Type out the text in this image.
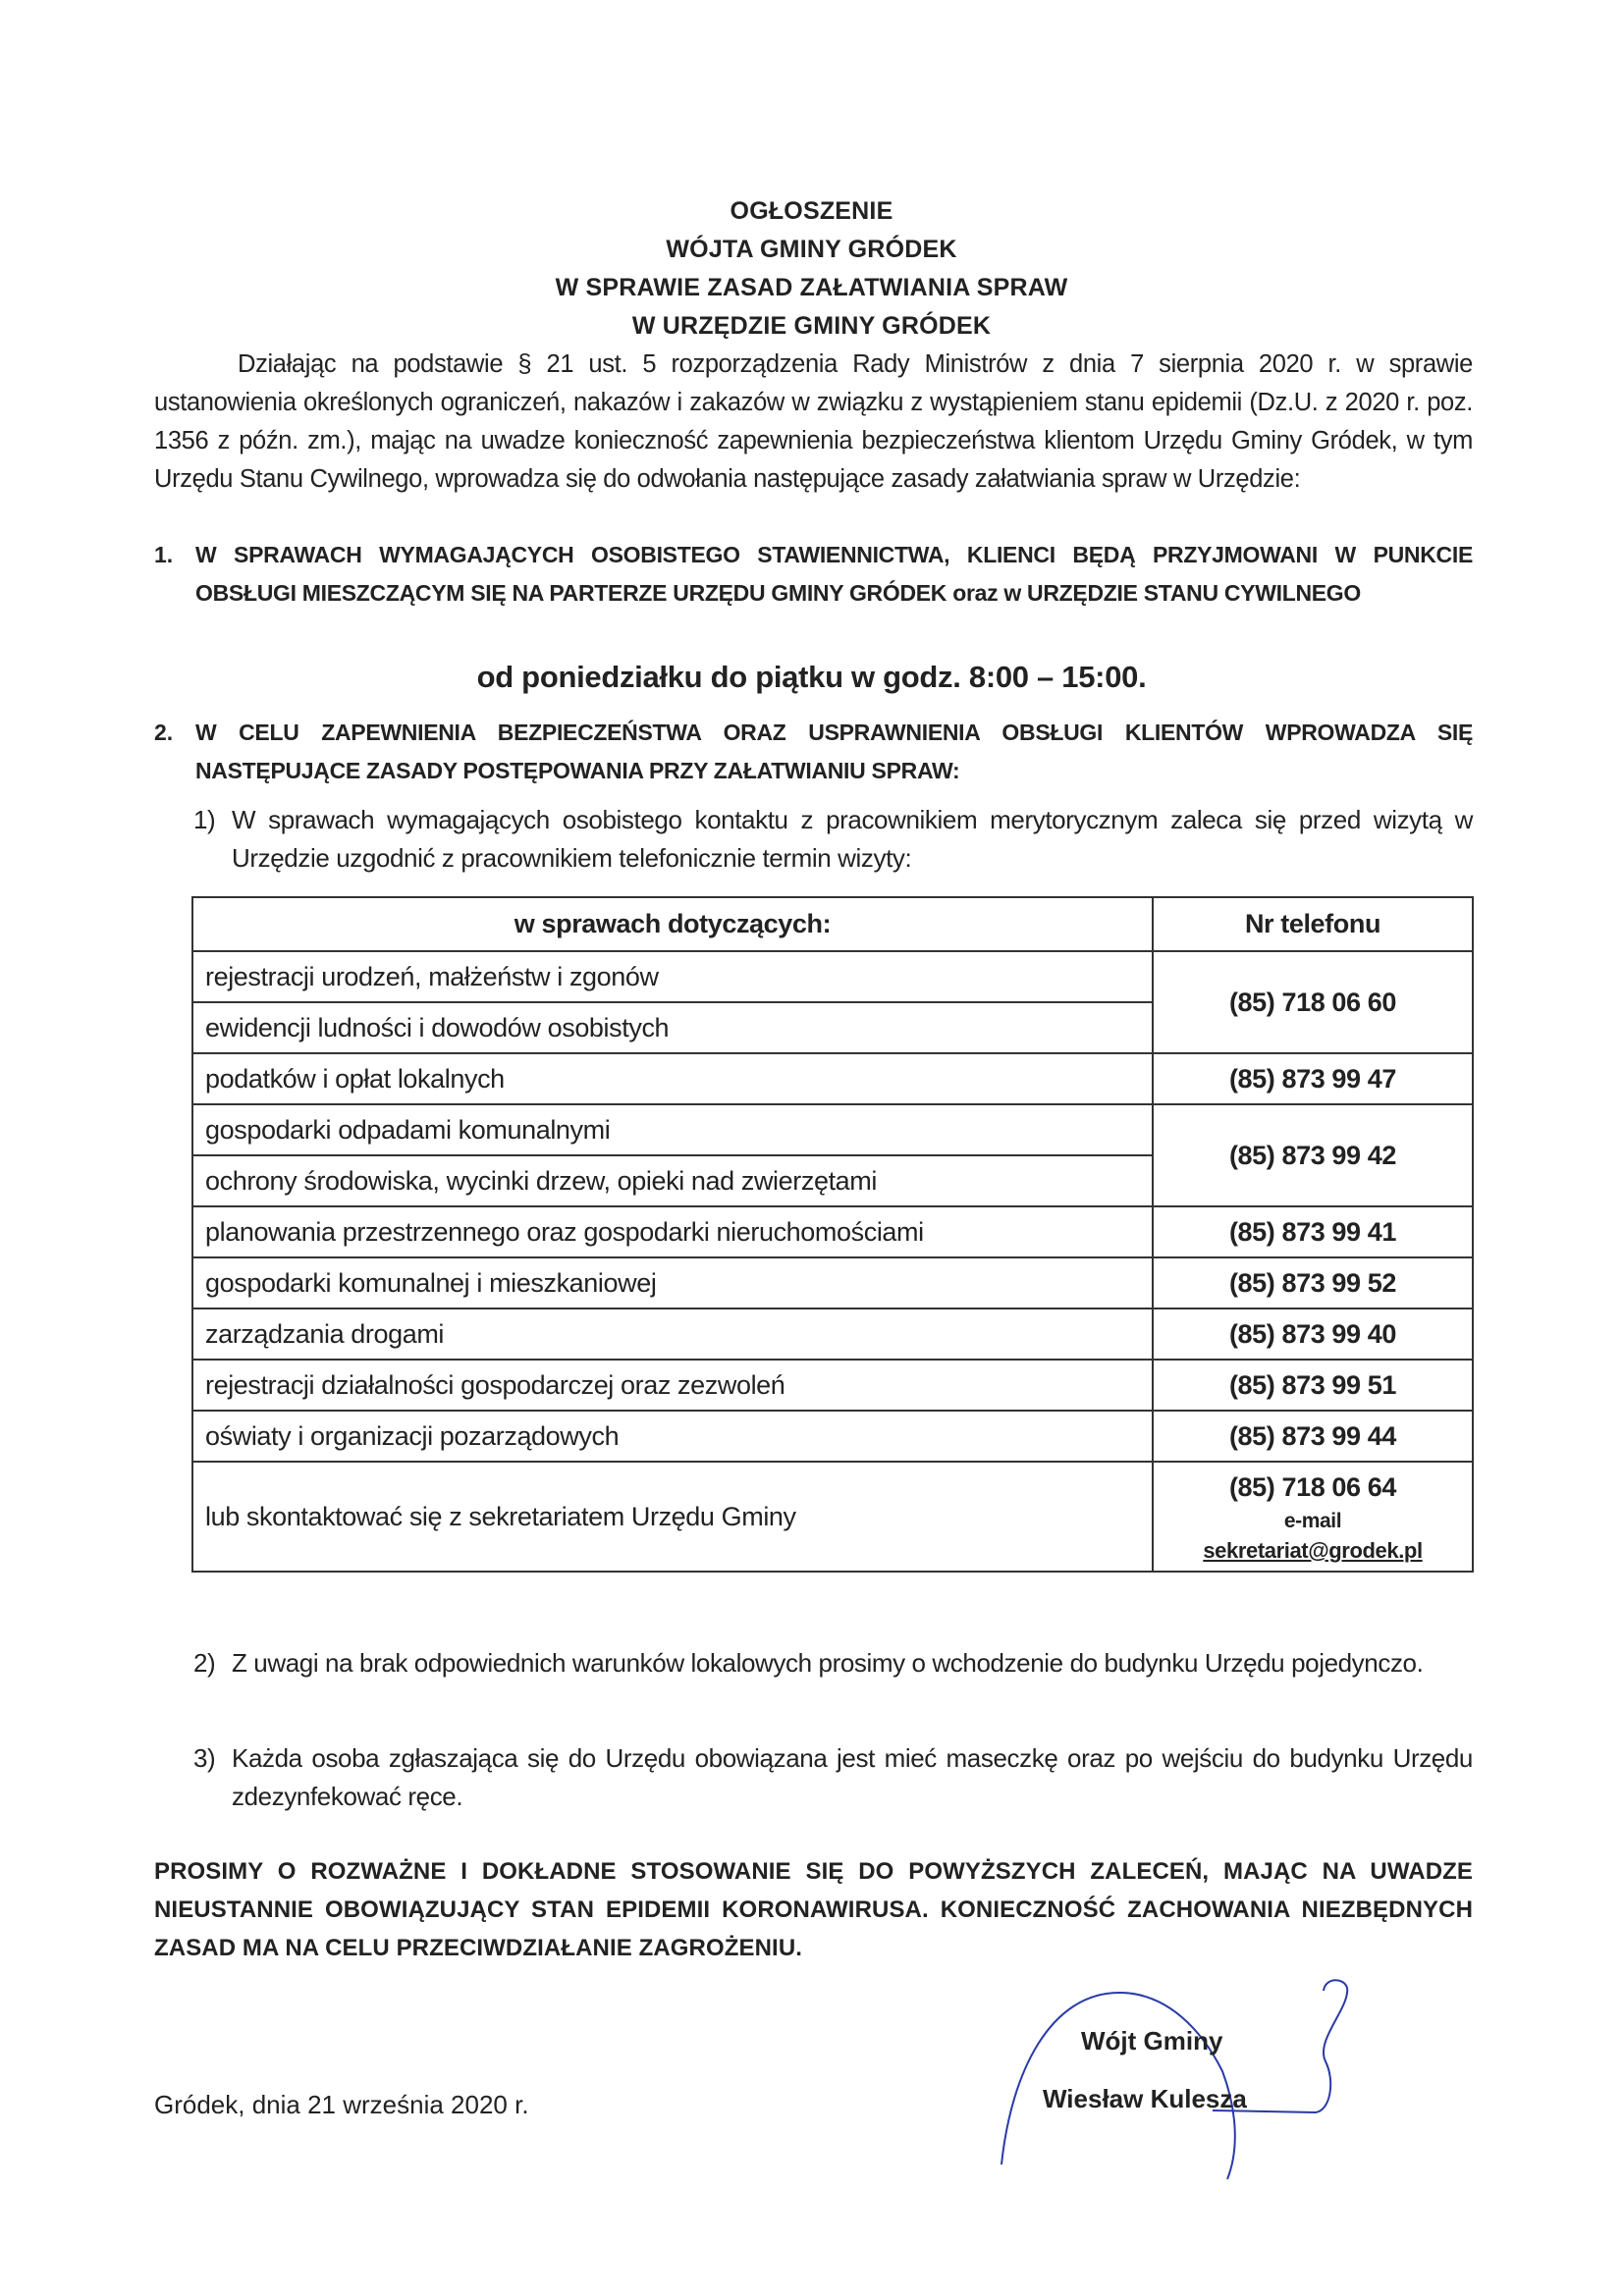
OGŁOSZENIE
WÓJTA GMINY GRÓDEK
W SPRAWIE ZASAD ZAŁATWIANIA SPRAW
W URZĘDZIE GMINY GRÓDEK
Działając na podstawie § 21 ust. 5 rozporządzenia Rady Ministrów z dnia 7 sierpnia 2020 r. w sprawie ustanowienia określonych ograniczeń, nakazów i zakazów w związku z wystąpieniem stanu epidemii (Dz.U. z 2020 r. poz. 1356 z późn. zm.), mając na uwadze konieczność zapewnienia bezpieczeństwa klientom Urzędu Gminy Gródek, w tym Urzędu Stanu Cywilnego, wprowadza się do odwołania następujące zasady załatwiania spraw w Urzędzie:
1. W SPRAWACH WYMAGAJĄCYCH OSOBISTEGO STAWIENNICTWA, KLIENCI BĘDĄ PRZYJMOWANI W PUNKCIE OBSŁUGI MIESZCZĄCYM SIĘ NA PARTERZE URZĘDU GMINY GRÓDEK oraz w URZĘDZIE STANU CYWILNEGO
od poniedziałku do piątku w godz. 8:00 – 15:00.
2. W CELU ZAPEWNIENIA BEZPIECZEŃSTWA ORAZ USPRAWNIENIA OBSŁUGI KLIENTÓW WPROWADZA SIĘ NASTĘPUJĄCE ZASADY POSTĘPOWANIA PRZY ZAŁATWIANIU SPRAW:
1) W sprawach wymagających osobistego kontaktu z pracownikiem merytorycznym zaleca się przed wizytą w Urzędzie uzgodnić z pracownikiem telefonicznie termin wizyty:
w sprawach dotyczących:	Nr telefonu
rejestracji urodzeń, małżeństw i zgonów	(85) 718 06 60
ewidencji ludności i dowodów osobistych	
podatków i opłat lokalnych	(85) 873 99 47
gospodarki odpadami komunalnymi	(85) 873 99 42
ochrony środowiska, wycinki drzew, opieki nad zwierzętami	
planowania przestrzennego oraz gospodarki nieruchomościami	(85) 873 99 41
gospodarki komunalnej i mieszkaniowej	(85) 873 99 52
zarządzania drogami	(85) 873 99 40
rejestracji działalności gospodarczej oraz zezwoleń	(85) 873 99 51
oświaty i organizacji pozarządowych	(85) 873 99 44
lub skontaktować się z sekretariatem Urzędu Gminy	(85) 718 06 64
e-mail
sekretariat@grodek.pl
2) Z uwagi na brak odpowiednich warunków lokalowych prosimy o wchodzenie do budynku Urzędu pojedynczo.
3) Każda osoba zgłaszająca się do Urzędu obowiązana jest mieć maseczkę oraz po wejściu do budynku Urzędu zdezynfekować ręce.
PROSIMY O ROZWAŻNE I DOKŁADNE STOSOWANIE SIĘ DO POWYŻSZYCH ZALECEŃ, MAJĄC NA UWADZE NIEUSTANNIE OBOWIĄZUJĄCY STAN EPIDEMII KORONAWIRUSA. KONIECZNOŚĆ ZACHOWANIA NIEZBĘDNYCH ZASAD MA NA CELU PRZECIWDZIAŁANIE ZAGROŻENIU.
Gródek, dnia 21 września 2020 r.
Wójt Gminy
Wiesław Kulesza
